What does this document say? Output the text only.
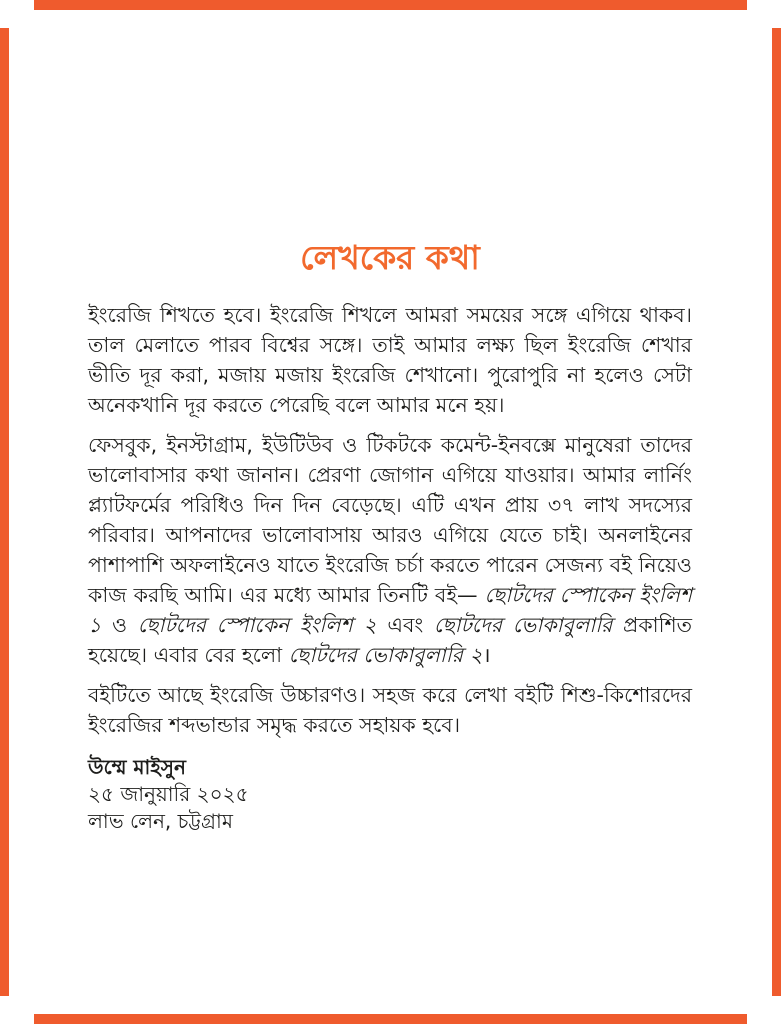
লেখকের কথা

ইংরেজি শিখতে হবে। ইংরেজি শিখলে আমরা সময়ের সঙ্গে এগিয়ে থাকব। তাল মেলাতে পারব বিশ্বের সঙ্গে। তাই আমার লক্ষ্য ছিল ইংরেজি শেখার ভীতি দূর করা, মজায় মজায় ইংরেজি শেখানো। পুরোপুরি না হলেও সেটা অনেকখানি দূর করতে পেরেছি বলে আমার মনে হয়।

ফেসবুক, ইনস্টাগ্রাম, ইউটিউব ও টিকটকে কমেন্ট-ইনবক্সে মানুষেরা তাদের ভালোবাসার কথা জানান। প্রেরণা জোগান এগিয়ে যাওয়ার। আমার লার্নিং প্ল্যাটফর্মের পরিধিও দিন দিন বেড়েছে। এটি এখন প্রায় ৩৭ লাখ সদস্যের পরিবার। আপনাদের ভালোবাসায় আরও এগিয়ে যেতে চাই। অনলাইনের পাশাপাশি অফলাইনেও যাতে ইংরেজি চর্চা করতে পারেন সেজন্য বই নিয়েও কাজ করছি আমি। এর মধ্যে আমার তিনটি বই— ছোটদের স্পোকেন ইংলিশ ১ ও ছোটদের স্পোকেন ইংলিশ ২ এবং ছোটদের ভোকাবুলারি প্রকাশিত হয়েছে। এবার বের হলো ছোটদের ভোকাবুলারি ২।

বইটিতে আছে ইংরেজি উচ্চারণও। সহজ করে লেখা বইটি শিশু-কিশোরদের ইংরেজির শব্দভান্ডার সমৃদ্ধ করতে সহায়ক হবে।

উম্মে মাইসুন
২৫ জানুয়ারি ২০২৫
লাভ লেন, চট্টগ্রাম
